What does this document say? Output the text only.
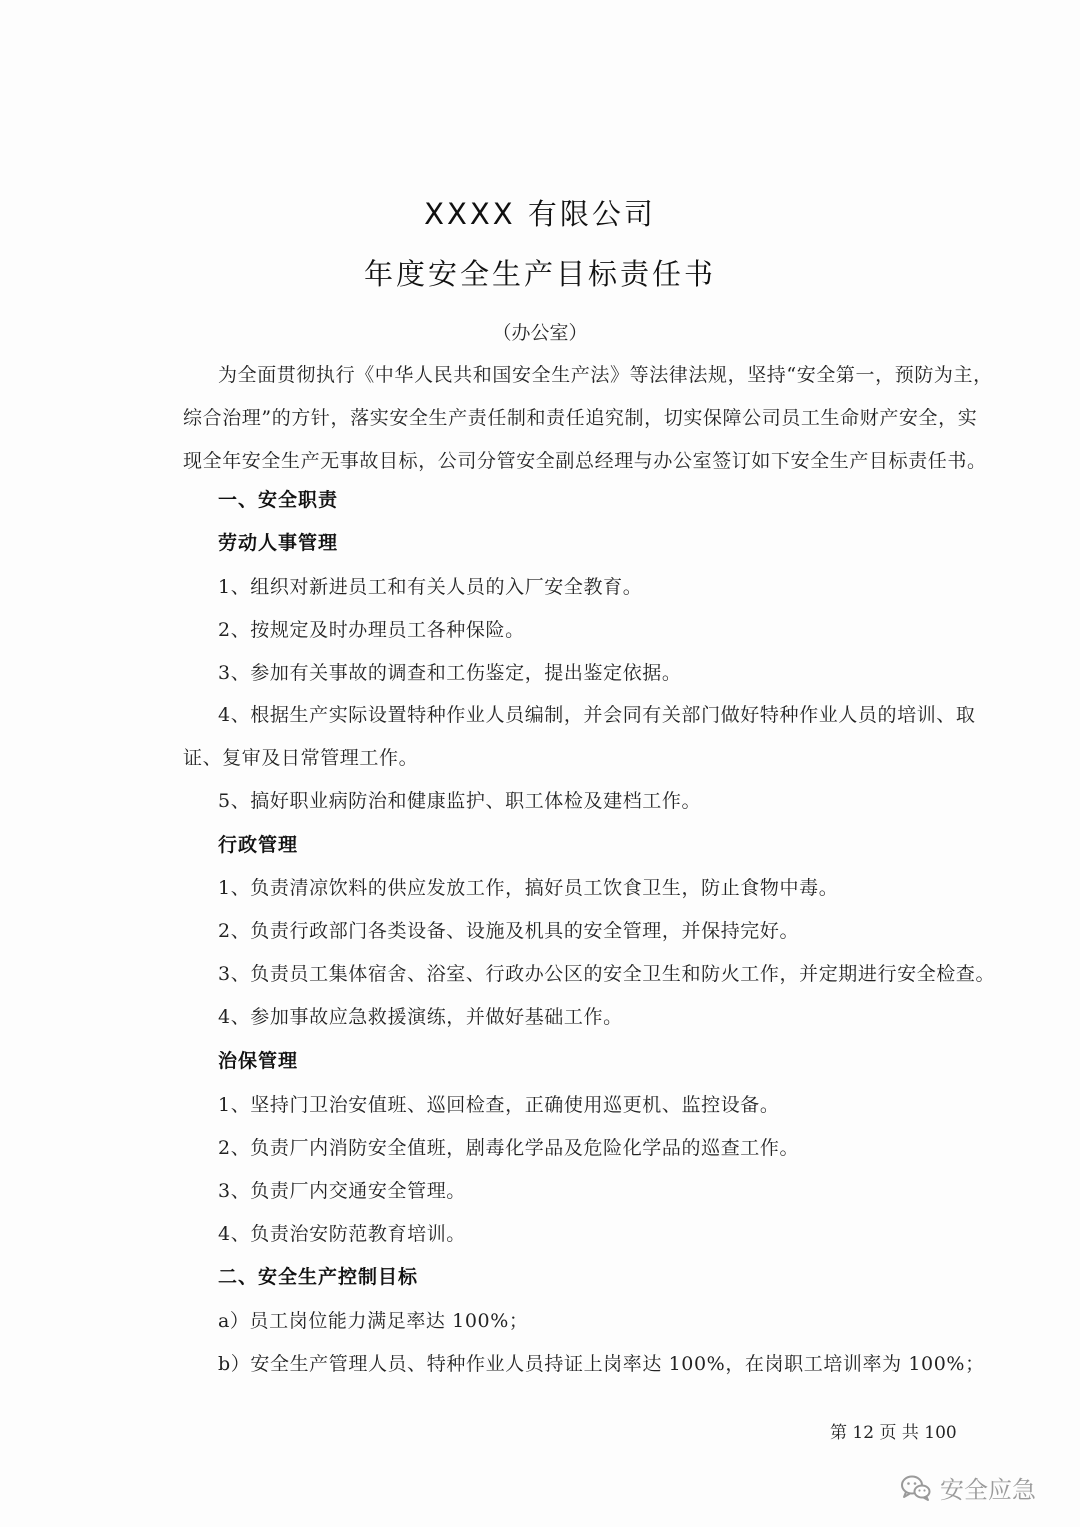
XXXX 有限公司
年度安全生产目标责任书
（办公室）
为全面贯彻执行《中华人民共和国安全生产法》等法律法规，坚持“安全第一，预防为主，
综合治理”的方针，落实安全生产责任制和责任追究制，切实保障公司员工生命财产安全，实
现全年安全生产无事故目标，公司分管安全副总经理与办公室签订如下安全生产目标责任书。
一、安全职责
劳动人事管理
1、组织对新进员工和有关人员的入厂安全教育。
2、按规定及时办理员工各种保险。
3、参加有关事故的调查和工伤鉴定，提出鉴定依据。
4、根据生产实际设置特种作业人员编制，并会同有关部门做好特种作业人员的培训、取
证、复审及日常管理工作。
5、搞好职业病防治和健康监护、职工体检及建档工作。
行政管理
1、负责清凉饮料的供应发放工作，搞好员工饮食卫生，防止食物中毒。
2、负责行政部门各类设备、设施及机具的安全管理，并保持完好。
3、负责员工集体宿舍、浴室、行政办公区的安全卫生和防火工作，并定期进行安全检查。
4、参加事故应急救援演练，并做好基础工作。
治保管理
1、坚持门卫治安值班、巡回检查，正确使用巡更机、监控设备。
2、负责厂内消防安全值班，剧毒化学品及危险化学品的巡查工作。
3、负责厂内交通安全管理。
4、负责治安防范教育培训。
二、安全生产控制目标
a）员工岗位能力满足率达 100%；
b）安全生产管理人员、特种作业人员持证上岗率达 100%，在岗职工培训率为 100%；
第 12 页 共 100
安全应急
